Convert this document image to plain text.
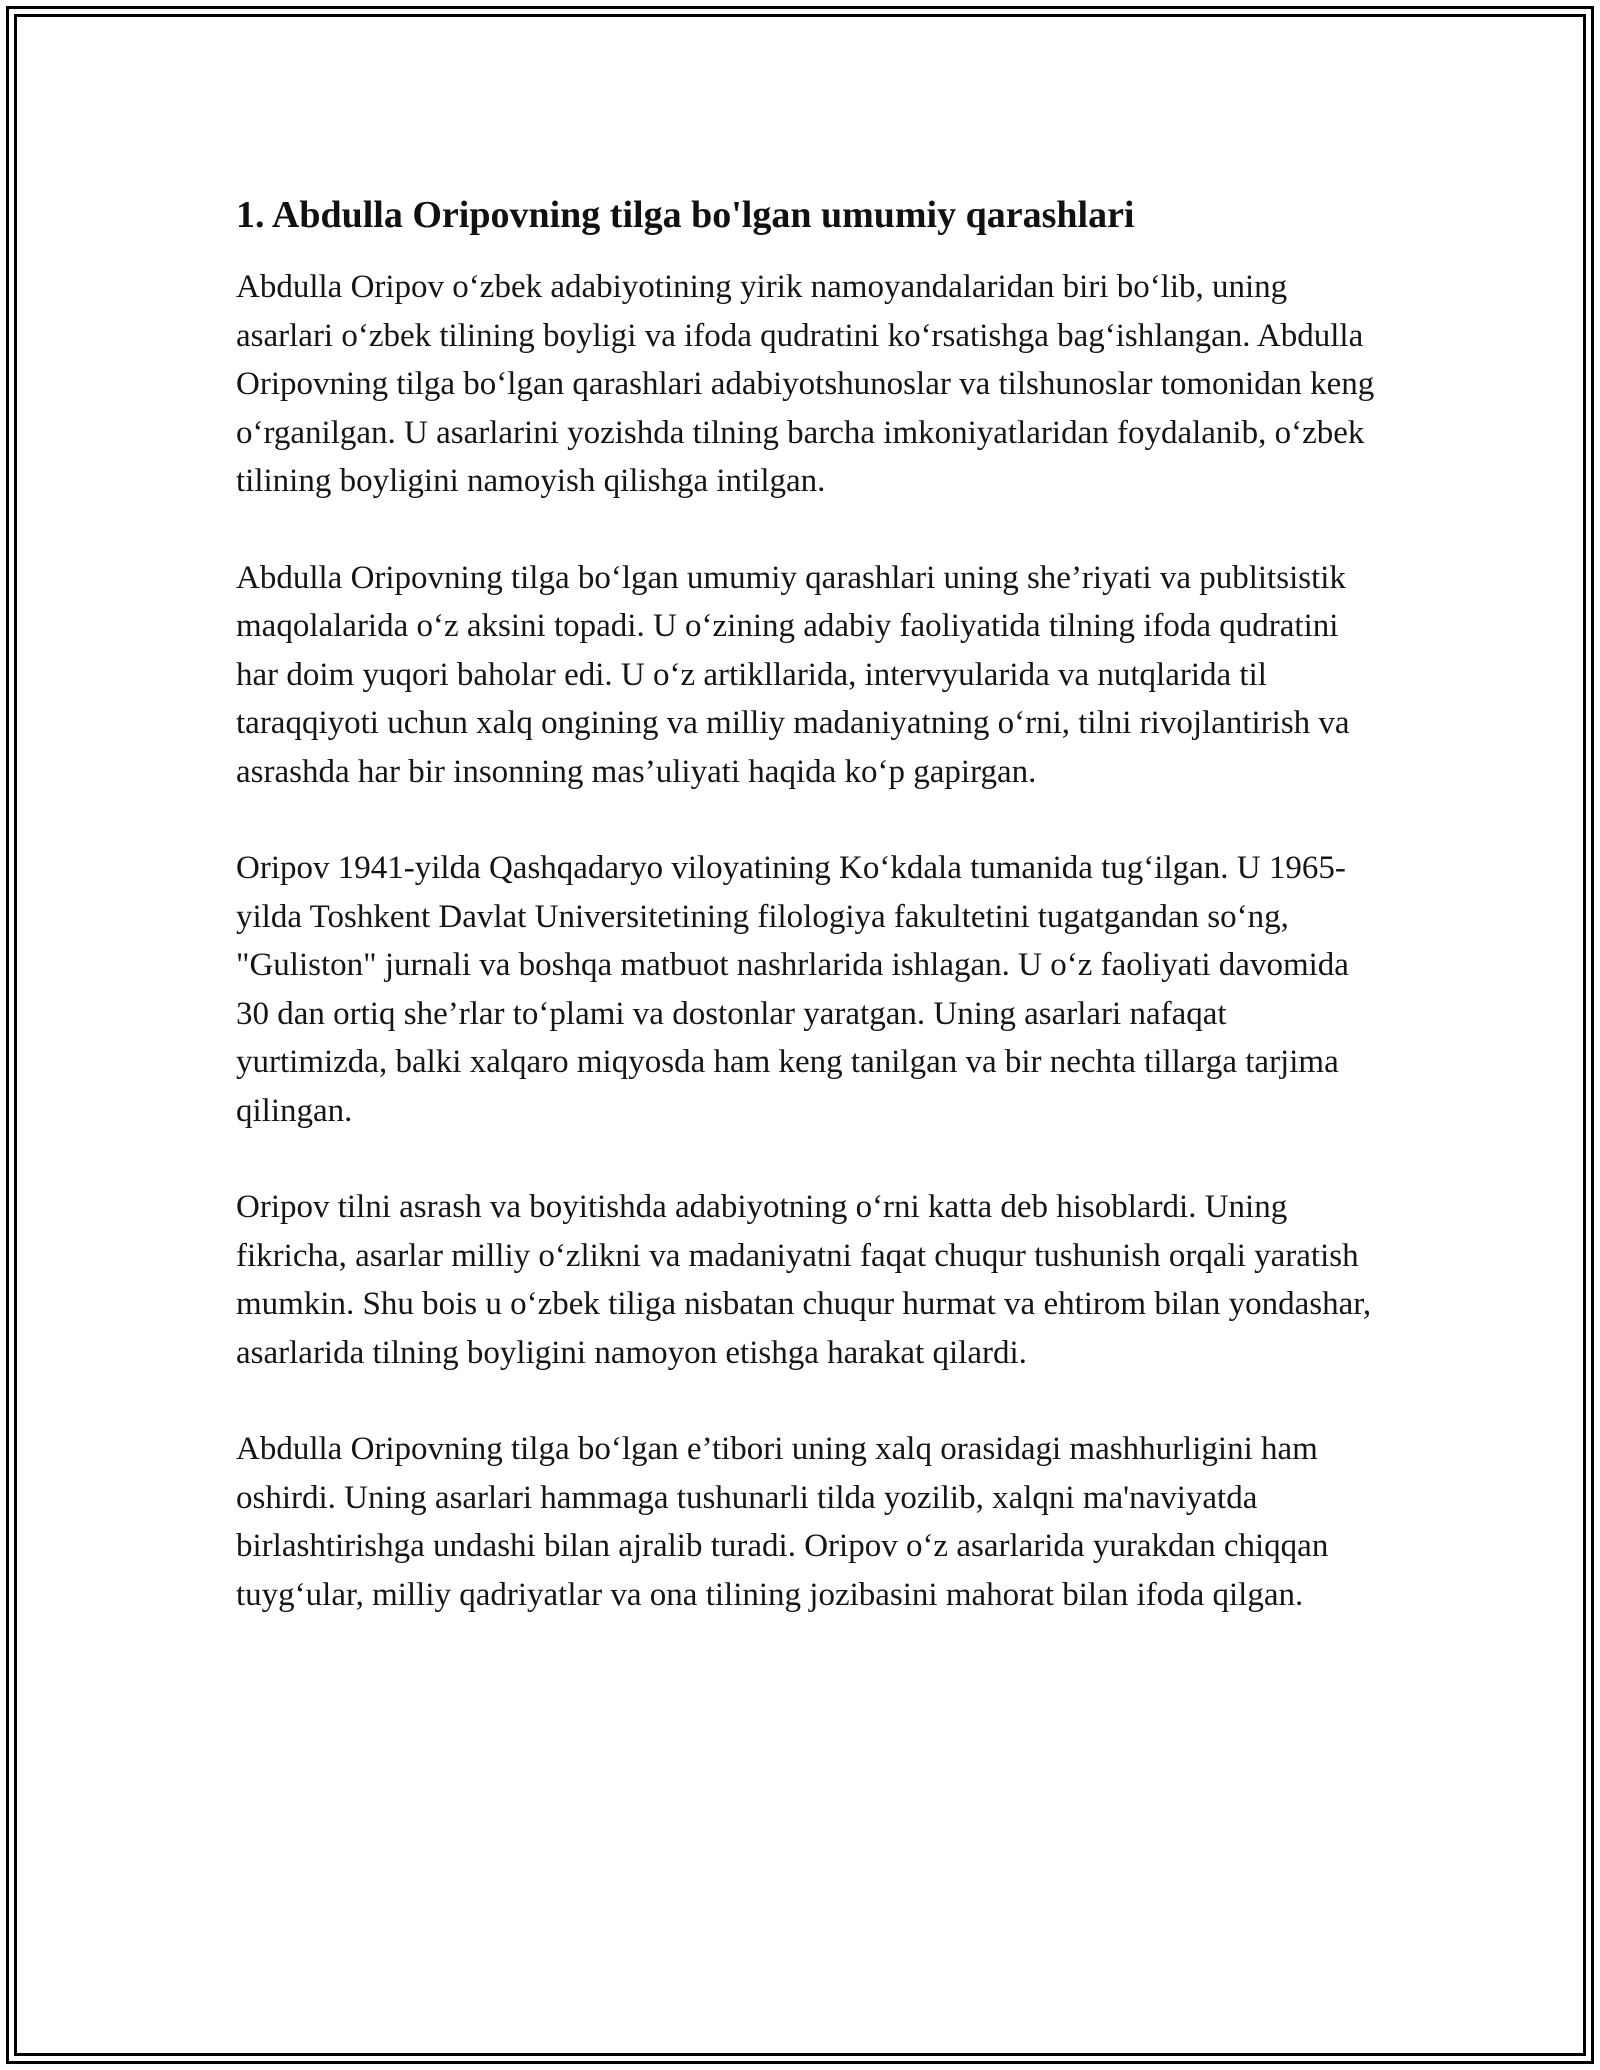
1. Abdulla Oripovning tilga bo'lgan umumiy qarashlari

Abdulla Oripov o‘zbek adabiyotining yirik namoyandalaridan biri bo‘lib, uning asarlari o‘zbek tilining boyligi va ifoda qudratini ko‘rsatishga bag‘ishlangan. Abdulla Oripovning tilga bo‘lgan qarashlari adabiyotshunoslar va tilshunoslar tomonidan keng o‘rganilgan. U asarlarini yozishda tilning barcha imkoniyatlaridan foydalanib, o‘zbek tilining boyligini namoyish qilishga intilgan.

Abdulla Oripovning tilga bo‘lgan umumiy qarashlari uning she’riyati va publitsistik maqolalarida o‘z aksini topadi. U o‘zining adabiy faoliyatida tilning ifoda qudratini har doim yuqori baholar edi. U o‘z artikllarida, intervyularida va nutqlarida til taraqqiyoti uchun xalq ongining va milliy madaniyatning o‘rni, tilni rivojlantirish va asrashda har bir insonning mas’uliyati haqida ko‘p gapirgan.

Oripov 1941-yilda Qashqadaryo viloyatining Ko‘kdala tumanida tug‘ilgan. U 1965-yilda Toshkent Davlat Universitetining filologiya fakultetini tugatgandan so‘ng, "Guliston" jurnali va boshqa matbuot nashrlarida ishlagan. U o‘z faoliyati davomida 30 dan ortiq she’rlar to‘plami va dostonlar yaratgan. Uning asarlari nafaqat yurtimizda, balki xalqaro miqyosda ham keng tanilgan va bir nechta tillarga tarjima qilingan.

Oripov tilni asrash va boyitishda adabiyotning o‘rni katta deb hisoblardi. Uning fikricha, asarlar milliy o‘zlikni va madaniyatni faqat chuqur tushunish orqali yaratish mumkin. Shu bois u o‘zbek tiliga nisbatan chuqur hurmat va ehtirom bilan yondashar, asarlarida tilning boyligini namoyon etishga harakat qilardi.

Abdulla Oripovning tilga bo‘lgan e’tibori uning xalq orasidagi mashhurligini ham oshirdi. Uning asarlari hammaga tushunarli tilda yozilib, xalqni ma'naviyatda birlashtirishga undashi bilan ajralib turadi. Oripov o‘z asarlarida yurakdan chiqqan tuyg‘ular, milliy qadriyatlar va ona tilining jozibasini mahorat bilan ifoda qilgan.
